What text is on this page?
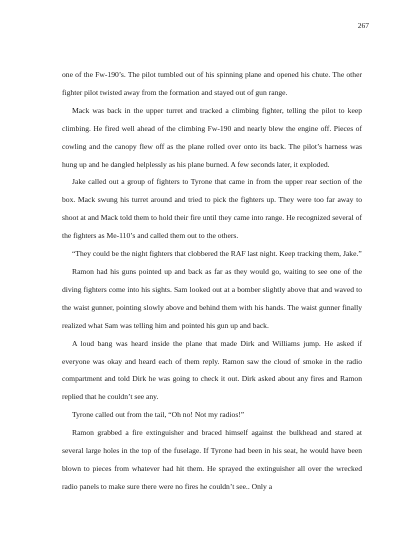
267

one of the Fw-190’s. The pilot tumbled out of his spinning plane and opened his chute. The other fighter pilot twisted away from the formation and stayed out of gun range.

Mack was back in the upper turret and tracked a climbing fighter, telling the pilot to keep climbing. He fired well ahead of the climbing Fw-190 and nearly blew the engine off. Pieces of cowling and the canopy flew off as the plane rolled over onto its back. The pilot’s harness was hung up and he dangled helplessly as his plane burned. A few seconds later, it exploded.

Jake called out a group of fighters to Tyrone that came in from the upper rear section of the box. Mack swung his turret around and tried to pick the fighters up. They were too far away to shoot at and Mack told them to hold their fire until they came into range. He recognized several of the fighters as Me-110’s and called them out to the others.

“They could be the night fighters that clobbered the RAF last night. Keep tracking them, Jake.”

Ramon had his guns pointed up and back as far as they would go, waiting to see one of the diving fighters come into his sights. Sam looked out at a bomber slightly above that and waved to the waist gunner, pointing slowly above and behind them with his hands. The waist gunner finally realized what Sam was telling him and pointed his gun up and back.

A loud bang was heard inside the plane that made Dirk and Williams jump. He asked if everyone was okay and heard each of them reply. Ramon saw the cloud of smoke in the radio compartment and told Dirk he was going to check it out. Dirk asked about any fires and Ramon replied that he couldn’t see any.

Tyrone called out from the tail, “Oh no! Not my radios!”

Ramon grabbed a fire extinguisher and braced himself against the bulkhead and stared at several large holes in the top of the fuselage. If Tyrone had been in his seat, he would have been blown to pieces from whatever had hit them. He sprayed the extinguisher all over the wrecked radio panels to make sure there were no fires he couldn’t see.. Only a
